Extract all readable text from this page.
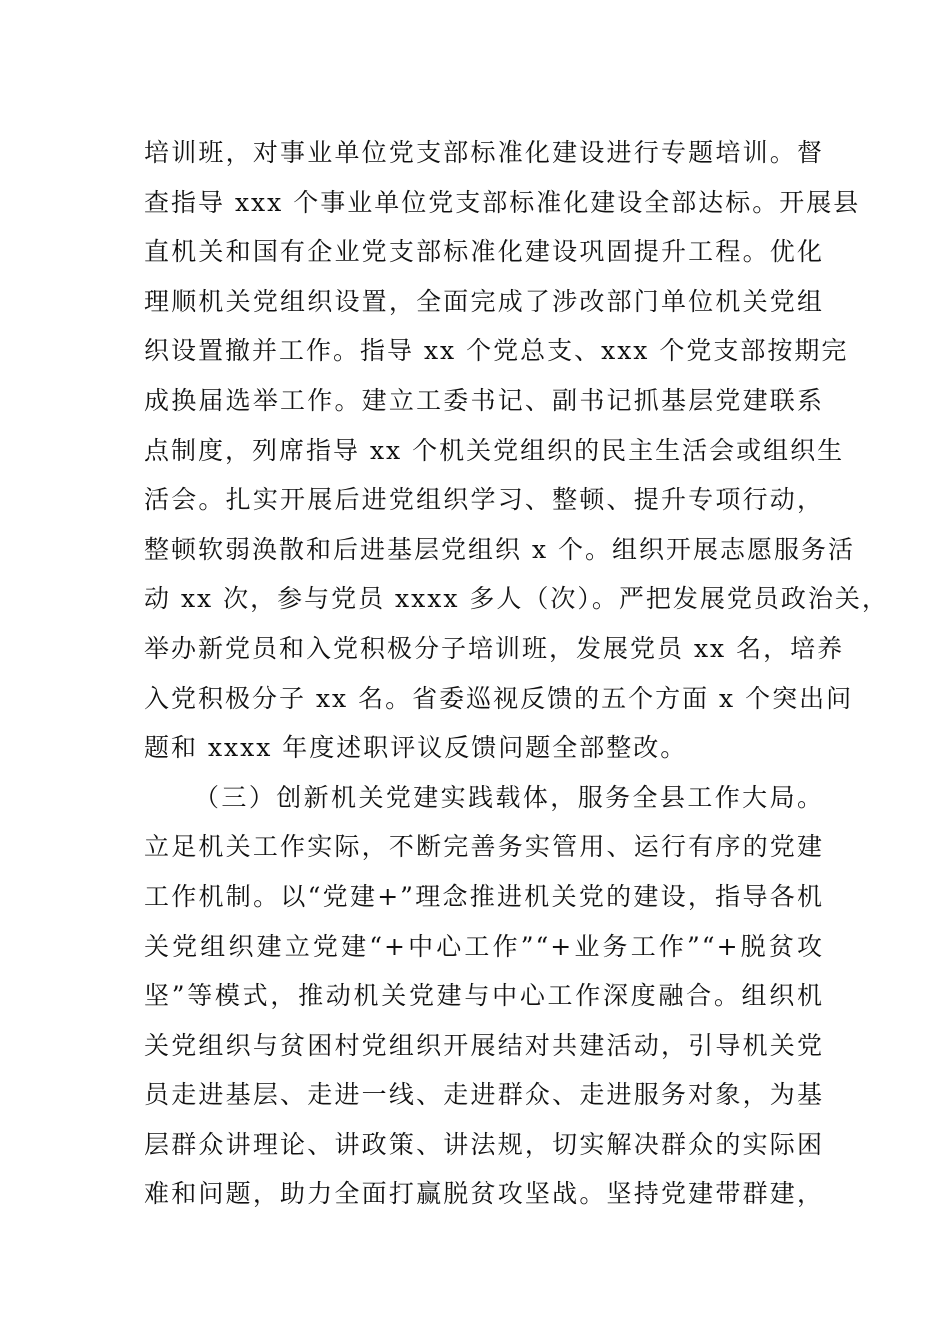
培训班，对事业单位党支部标准化建设进行专题培训。督
查指导 xxx 个事业单位党支部标准化建设全部达标。开展县
直机关和国有企业党支部标准化建设巩固提升工程。优化
理顺机关党组织设置，全面完成了涉改部门单位机关党组
织设置撤并工作。指导 xx 个党总支、xxx 个党支部按期完
成换届选举工作。建立工委书记、副书记抓基层党建联系
点制度，列席指导 xx 个机关党组织的民主生活会或组织生
活会。扎实开展后进党组织学习、整顿、提升专项行动，
整顿软弱涣散和后进基层党组织 x 个。组织开展志愿服务活
动 xx 次，参与党员 xxxx 多人（次）。严把发展党员政治关，
举办新党员和入党积极分子培训班，发展党员 xx 名，培养
入党积极分子 xx 名。省委巡视反馈的五个方面 x 个突出问
题和 xxxx 年度述职评议反馈问题全部整改。
（三）创新机关党建实践载体，服务全县工作大局。
立足机关工作实际，不断完善务实管用、运行有序的党建
工作机制。以“党建+”理念推进机关党的建设，指导各机
关党组织建立党建“+中心工作”“+业务工作”“+脱贫攻
坚”等模式，推动机关党建与中心工作深度融合。组织机
关党组织与贫困村党组织开展结对共建活动，引导机关党
员走进基层、走进一线、走进群众、走进服务对象，为基
层群众讲理论、讲政策、讲法规，切实解决群众的实际困
难和问题，助力全面打赢脱贫攻坚战。坚持党建带群建，
